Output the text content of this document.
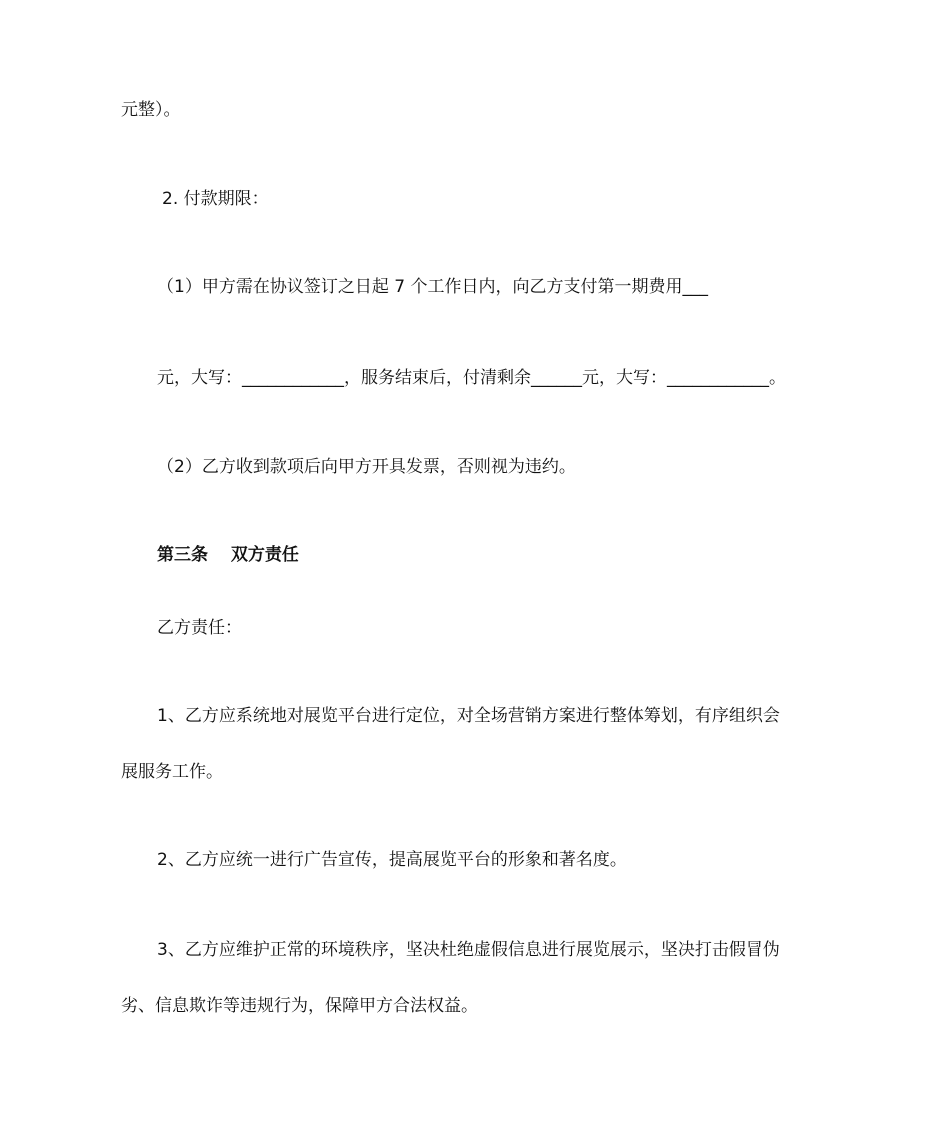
元整）。

2. 付款期限：

（1）甲方需在协议签订之日起 7 个工作日内，向乙方支付第一期费用___

元，大写：____________，服务结束后，付清剩余______元，大写：____________。

（2）乙方收到款项后向甲方开具发票，否则视为违约。

第三条　 双方责任

乙方责任：

1、乙方应系统地对展览平台进行定位，对全场营销方案进行整体筹划，有序组织会

展服务工作。

2、乙方应统一进行广告宣传，提高展览平台的形象和著名度。

3、乙方应维护正常的环境秩序，坚决杜绝虚假信息进行展览展示，坚决打击假冒伪

劣、信息欺诈等违规行为，保障甲方合法权益。
